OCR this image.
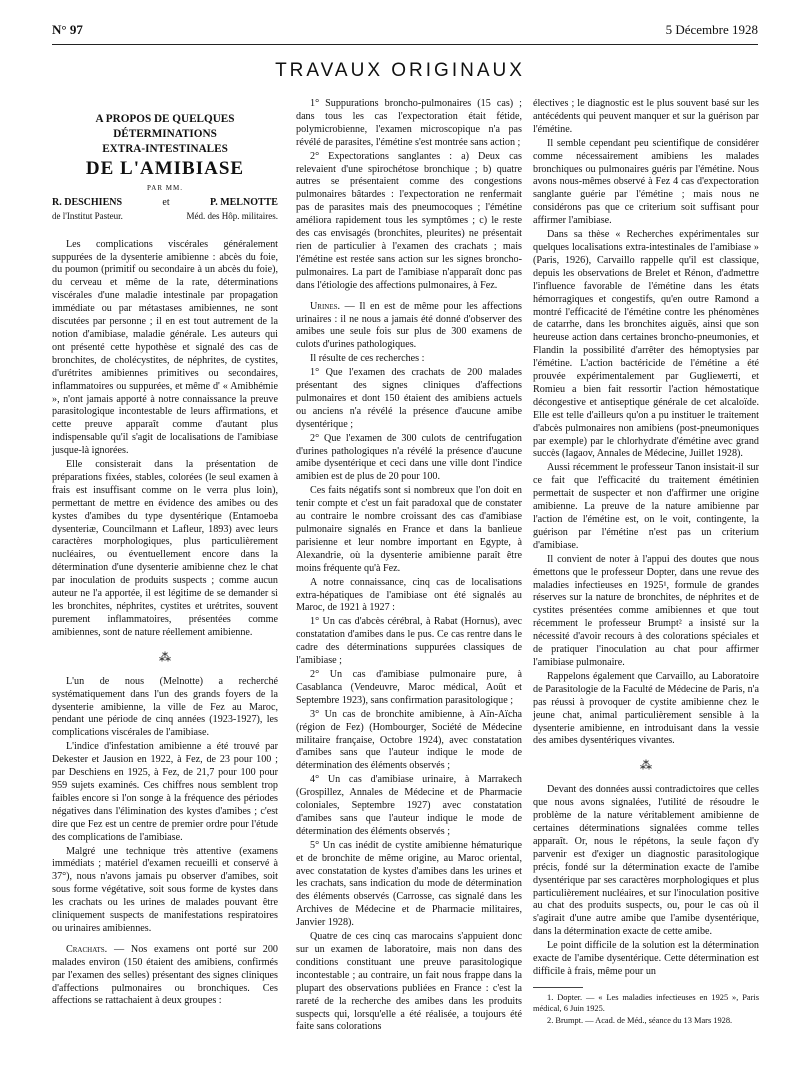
N° 97	5 Décembre 1928
TRAVAUX ORIGINAUX
A PROPOS DE QUELQUES DÉTERMINATIONS
EXTRA-INTESTINALES
DE L'AMIBIASE
PAR MM.
R. DESCHIENS	et	P. MELNOTTE
de l'Institut Pasteur.	Méd. des Hôp. militaires.

Les complications viscérales généralement suppurées de la dysenterie amibienne : abcès du foie, du poumon (primitif ou secondaire à un abcès du foie), du cerveau et même de la rate, déterminations viscérales d'une maladie intestinale par propagation immédiate ou par métastases amibiennes, ne sont discutées par personne ; il en est tout autrement de la notion d'amibiase, maladie générale. Les auteurs qui ont présenté cette hypothèse et signalé des cas de bronchites, de cholécystites, de néphrites, de cystites, d'urétrites amibiennes primitives ou secondaires, inflammatoires ou suppurées, et même d' « Amibhémie », n'ont jamais apporté à notre connaissance la preuve parasitologique incontestable de leurs affirmations, et cette preuve apparaît comme d'autant plus indispensable qu'il s'agit de localisations de l'amibiase jusque-là ignorées.

Elle consisterait dans la présentation de préparations fixées, stables, colorées (le seul examen à frais est insuffisant comme on le verra plus loin), permettant de mettre en évidence des amibes ou des kystes d'amibes du type dysentérique (Entamoeba dysenteriæ, Councilmann et Lafleur, 1893) avec leurs caractères morphologiques, plus particulièrement nucléaires, ou éventuellement encore dans la détermination d'une dysenterie amibienne chez le chat par inoculation de produits suspects ; comme aucun auteur ne l'a apportée, il est légitime de se demander si les bronchites, néphrites, cystites et urétrites, souvent purement inflammatoires, présentées comme amibiennes, sont de nature réellement amibienne.

⁂

L'un de nous (Melnotte) a recherché systématiquement dans l'un des grands foyers de la dysenterie amibienne, la ville de Fez au Maroc, pendant une période de cinq années (1923-1927), les complications viscérales de l'amibiase.

L'indice d'infestation amibienne a été trouvé par Dekester et Jausion en 1922, à Fez, de 23 pour 100 ; par Deschiens en 1925, à Fez, de 21,7 pour 100 pour 959 sujets examinés. Ces chiffres nous semblent trop faibles encore si l'on songe à la fréquence des périodes négatives dans l'élimination des kystes d'amibes ; c'est dire que Fez est un centre de premier ordre pour l'étude des complications de l'amibiase.

Malgré une technique très attentive (examens immédiats ; matériel d'examen recueilli et conservé à 37°), nous n'avons jamais pu observer d'amibes, soit sous forme végétative, soit sous forme de kystes dans les crachats ou les urines de malades pouvant être cliniquement suspects de manifestations respiratoires ou urinaires amibiennes.

Crachats. — Nos examens ont porté sur 200 malades environ (150 étaient des amibiens, confirmés par l'examen des selles) présentant des signes cliniques d'affections pulmonaires ou bronchiques. Ces affections se rattachaient à deux groupes :

1° Suppurations broncho-pulmonaires (15 cas) ; dans tous les cas l'expectoration était fétide, polymicrobienne, l'examen microscopique n'a pas révélé de parasites, l'émétine s'est montrée sans action ;

2° Expectorations sanglantes : a) Deux cas relevaient d'une spirochétose bronchique ; b) quatre autres se présentaient comme des congestions pulmonaires bâtardes : l'expectoration ne renfermait pas de parasites mais des pneumocoques ; l'émétine améliora rapidement tous les symptômes ; c) le reste des cas envisagés (bronchites, pleurites) ne présentait rien de particulier à l'examen des crachats ; mais l'émétine est restée sans action sur les signes broncho-pulmonaires. La part de l'amibiase n'apparaît donc pas dans l'étiologie des affections pulmonaires, à Fez.

Urines. — Il en est de même pour les affections urinaires : il ne nous a jamais été donné d'observer des amibes une seule fois sur plus de 300 examens de culots d'urines pathologiques.

Il résulte de ces recherches :

1° Que l'examen des crachats de 200 malades présentant des signes cliniques d'affections pulmonaires et dont 150 étaient des amibiens actuels ou anciens n'a révélé la présence d'aucune amibe dysentérique ;

2° Que l'examen de 300 culots de centrifugation d'urines pathologiques n'a révélé la présence d'aucune amibe dysentérique et ceci dans une ville dont l'indice amibien est de plus de 20 pour 100.

Ces faits négatifs sont si nombreux que l'on doit en tenir compte et c'est un fait paradoxal que de constater au contraire le nombre croissant des cas d'amibiase pulmonaire signalés en France et dans la banlieue parisienne et leur nombre important en Egypte, à Alexandrie, où la dysenterie amibienne paraît être moins fréquente qu'à Fez.

A notre connaissance, cinq cas de localisations extra-hépatiques de l'amibiase ont été signalés au Maroc, de 1921 à 1927 :

1° Un cas d'abcès cérébral, à Rabat (Hornus), avec constatation d'amibes dans le pus. Ce cas rentre dans le cadre des déterminations suppurées classiques de l'amibiase ;

2° Un cas d'amibiase pulmonaire pure, à Casablanca (Vendeuvre, Maroc médical, Août et Septembre 1923), sans confirmation parasitologique ;

3° Un cas de bronchite amibienne, à Aïn-Aïcha (région de Fez) (Hombourger, Société de Médecine militaire française, Octobre 1924), avec constatation d'amibes sans que l'auteur indique le mode de détermination des éléments observés ;

4° Un cas d'amibiase urinaire, à Marrakech (Grospillez, Annales de Médecine et de Pharmacie coloniales, Septembre 1927) avec constatation d'amibes sans que l'auteur indique le mode de détermination des éléments observés ;

5° Un cas inédit de cystite amibienne hématurique et de bronchite de même origine, au Maroc oriental, avec constatation de kystes d'amibes dans les urines et les crachats, sans indication du mode de détermination des éléments observés (Carrosse, cas signalé dans les Archives de Médecine et de Pharmacie militaires, Janvier 1928).

Quatre de ces cinq cas marocains s'appuient donc sur un examen de laboratoire, mais non dans des conditions constituant une preuve parasitologique incontestable ; au contraire, un fait nous frappe dans la plupart des observations publiées en France : c'est la rareté de la recherche des amibes dans les produits suspects qui, lorsqu'elle a été réalisée, a toujours été faite sans colorations

électives ; le diagnostic est le plus souvent basé sur les antécédents qui peuvent manquer et sur la guérison par l'émétine.

Il semble cependant peu scientifique de considérer comme nécessairement amibiens les malades bronchiques ou pulmonaires guéris par l'émétine. Nous avons nous-mêmes observé à Fez 4 cas d'expectoration sanglante guérie par l'émétine ; mais nous ne considérons pas que ce criterium soit suffisant pour affirmer l'amibiase.

Dans sa thèse « Recherches expérimentales sur quelques localisations extra-intestinales de l'amibiase » (Paris, 1926), Carvaillo rappelle qu'il est classique, depuis les observations de Brelet et Rénon, d'admettre l'influence favorable de l'émétine dans les états hémorragiques et congestifs, qu'en outre Ramond a montré l'efficacité de l'émétine contre les phénomènes de catarrhe, dans les bronchites aiguës, ainsi que son heureuse action dans certaines broncho-pneumonies, et Flandin la possibilité d'arrêter des hémoptysies par l'émétine. L'action bactéricide de l'émétine a été prouvée expérimentalement par Guglieметti, et Romieu a bien fait ressortir l'action hémostatique décongestive et antiseptique générale de cet alcaloïde. Elle est telle d'ailleurs qu'on a pu instituer le traitement d'abcès pulmonaires non amibiens (post-pneumoniques par exemple) par le chlorhydrate d'émétine avec grand succès (Iagaov, Annales de Médecine, Juillet 1928).

Aussi récemment le professeur Tanon insistait-il sur ce fait que l'efficacité du traitement émétinien permettait de suspecter et non d'affirmer une origine amibienne. La preuve de la nature amibienne par l'action de l'émétine est, on le voit, contingente, la guérison par l'émétine n'est pas un criterium d'amibiase.

Il convient de noter à l'appui des doutes que nous émettons que le professeur Dopter, dans une revue des maladies infectieuses en 1925¹, formule de grandes réserves sur la nature de bronchites, de néphrites et de cystites présentées comme amibiennes et que tout récemment le professeur Brumpt² a insisté sur la nécessité d'avoir recours à des colorations spéciales et de pratiquer l'inoculation au chat pour affirmer l'amibiase pulmonaire.

Rappelons également que Carvaillo, au Laboratoire de Parasitologie de la Faculté de Médecine de Paris, n'a pas réussi à provoquer de cystite amibienne chez le jeune chat, animal particulièrement sensible à la dysenterie amibienne, en introduisant dans la vessie des amibes dysentériques vivantes.

⁂

Devant des données aussi contradictoires que celles que nous avons signalées, l'utilité de résoudre le problème de la nature véritablement amibienne de certaines déterminations signalées comme telles apparaît. Or, nous le répétons, la seule façon d'y parvenir est d'exiger un diagnostic parasitologique précis, fondé sur la détermination exacte de l'amibe dysentérique par ses caractères morphologiques et plus particulièrement nucléaires, et sur l'inoculation positive au chat des produits suspects, ou, pour le cas où il s'agirait d'une autre amibe que l'amibe dysentérique, dans la détermination exacte de cette amibe.

Le point difficile de la solution est la détermination exacte de l'amibe dysentérique. Cette détermination est difficile à frais, même pour un

1. Dopter. — « Les maladies infectieuses en 1925 », Paris médical, 6 Juin 1925.

2. Brumpt. — Acad. de Méd., séance du 13 Mars 1928.
